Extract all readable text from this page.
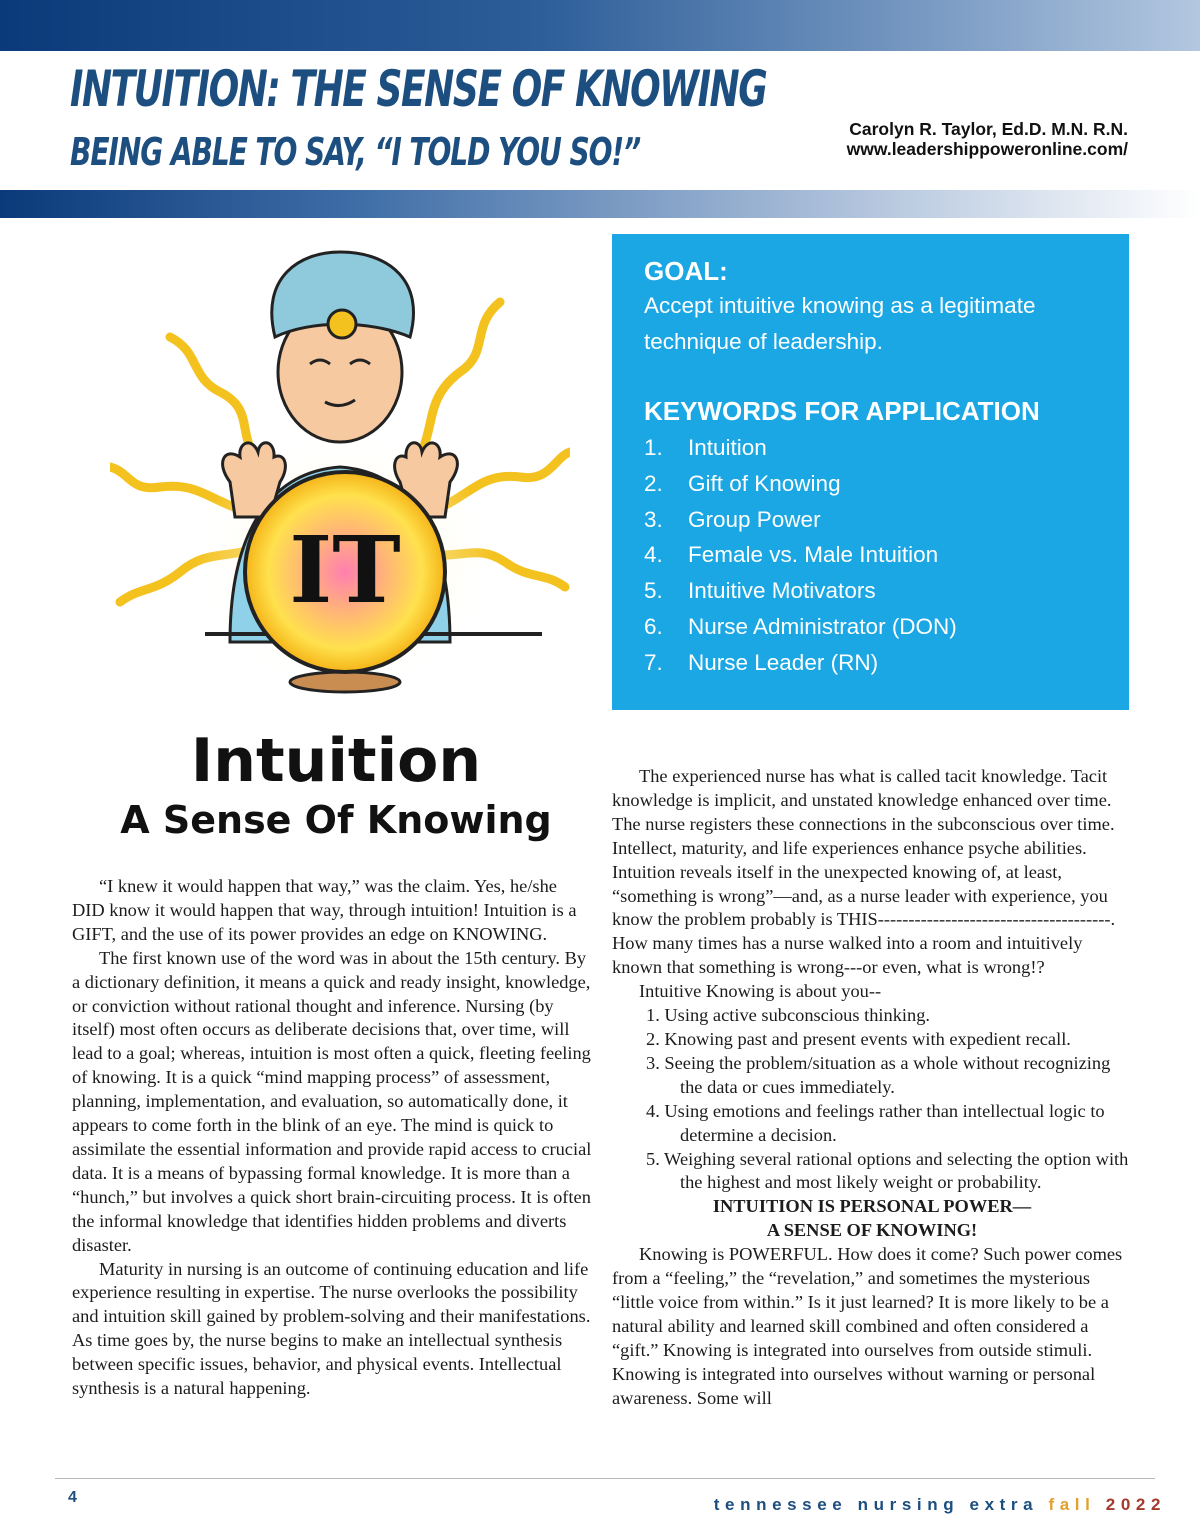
INTUITION: THE SENSE OF KNOWING
BEING ABLE TO SAY, “I TOLD YOU SO!”
Carolyn R. Taylor, Ed.D. M.N. R.N.
www.leadershippoweronline.com/
IT
Intuition
A Sense Of Knowing

GOAL:

Accept intuitive knowing as a legitimate technique of leadership.

KEYWORDS FOR APPLICATION

1.	Intuition
2.	Gift of Knowing
3.	Group Power
4.	Female vs. Male Intuition
5.	Intuitive Motivators
6.	Nurse Administrator (DON)
7.	Nurse Leader (RN)

“I knew it would happen that way,” was the claim. Yes, he/she DID know it would happen that way, through intuition! Intuition is a GIFT, and the use of its power provides an edge on KNOWING.

The first known use of the word was in about the 15th century. By a dictionary definition, it means a quick and ready insight, knowledge, or conviction without rational thought and inference. Nursing (by itself) most often occurs as deliberate decisions that, over time, will lead to a goal; whereas, intuition is most often a quick, fleeting feeling of knowing. It is a quick “mind mapping process” of assessment, planning, implementation, and evaluation, so automatically done, it appears to come forth in the blink of an eye. The mind is quick to assimilate the essential information and provide rapid access to crucial data. It is a means of bypassing formal knowledge. It is more than a “hunch,” but involves a quick short brain-circuiting process. It is often the informal knowledge that identifies hidden problems and diverts disaster.

Maturity in nursing is an outcome of continuing education and life experience resulting in expertise. The nurse overlooks the possibility and intuition skill gained by problem-solving and their manifestations. As time goes by, the nurse begins to make an intellectual synthesis between specific issues, behavior, and physical events. Intellectual synthesis is a natural happening.

The experienced nurse has what is called tacit knowledge. Tacit knowledge is implicit, and unstated knowledge enhanced over time. The nurse registers these connections in the subconscious over time. Intellect, maturity, and life experiences enhance psyche abilities. Intuition reveals itself in the unexpected knowing of, at least, “something is wrong”—and, as a nurse leader with experience, you know the problem probably is THIS--------------------------------------. How many times has a nurse walked into a room and intuitively known that something is wrong---or even, what is wrong!?

Intuitive Knowing is about you--

1. Using active subconscious thinking.

2. Knowing past and present events with expedient recall.

3. Seeing the problem/situation as a whole without recognizing the data or cues immediately.

4. Using emotions and feelings rather than intellectual logic to determine a decision.

5. Weighing several rational options and selecting the option with the highest and most likely weight or probability.

INTUITION IS PERSONAL POWER—

A SENSE OF KNOWING!

Knowing is POWERFUL. How does it come? Such power comes from a “feeling,” the “revelation,” and sometimes the mysterious “little voice from within.” Is it just learned? It is more likely to be a natural ability and learned skill combined and often considered a “gift.” Knowing is integrated into ourselves from outside stimuli. Knowing is integrated into ourselves without warning or personal awareness. Some will

4	tennessee nursing extra fall 2022
